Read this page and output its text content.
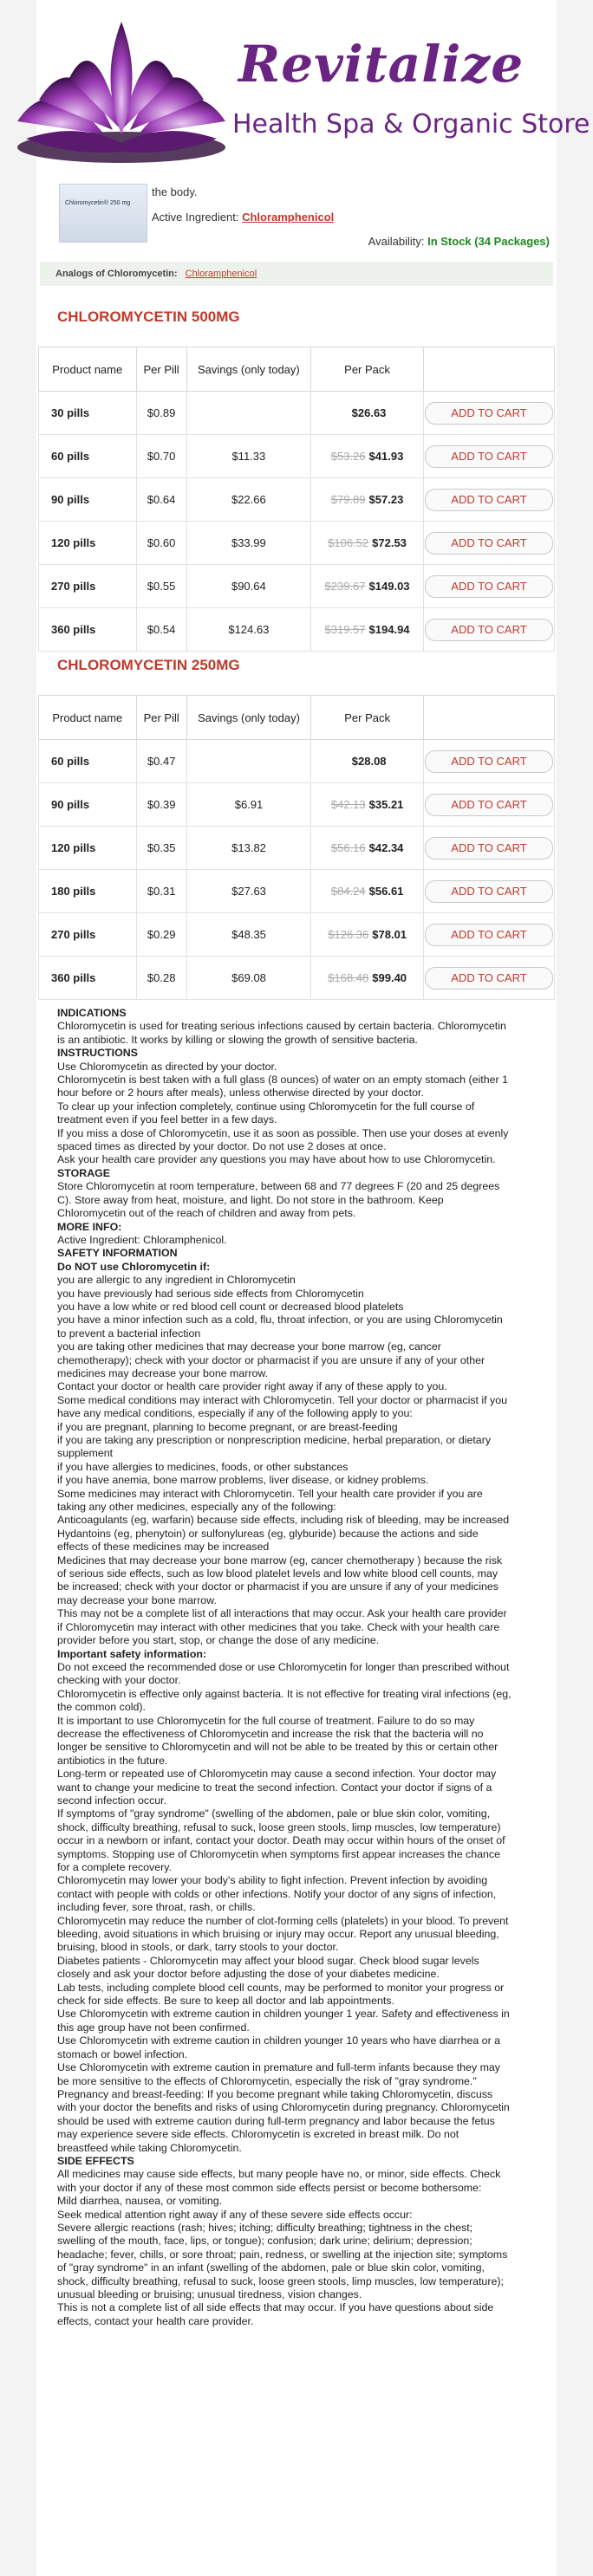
Chloromycetin® 250 mg
the body.
Active Ingredient: Chloramphenicol
Availability: In Stock (34 Packages)
Analogs of Chloromycetin: Chloramphenicol
Revitalize
Health Spa & Organic Store
CHLOROMYCETIN 500MG
Product name	Per Pill	Savings (only today)	Per Pack	
30 pills	$0.89		$26.63	ADD TO CART
60 pills	$0.70	$11.33	$53.26 $41.93	ADD TO CART
90 pills	$0.64	$22.66	$79.89 $57.23	ADD TO CART
120 pills	$0.60	$33.99	$106.52 $72.53	ADD TO CART
270 pills	$0.55	$90.64	$239.67 $149.03	ADD TO CART
360 pills	$0.54	$124.63	$319.57 $194.94	ADD TO CART
CHLOROMYCETIN 250MG
Product name	Per Pill	Savings (only today)	Per Pack	
60 pills	$0.47		$28.08	ADD TO CART
90 pills	$0.39	$6.91	$42.13 $35.21	ADD TO CART
120 pills	$0.35	$13.82	$56.16 $42.34	ADD TO CART
180 pills	$0.31	$27.63	$84.24 $56.61	ADD TO CART
270 pills	$0.29	$48.35	$126.36 $78.01	ADD TO CART
360 pills	$0.28	$69.08	$168.48 $99.40	ADD TO CART

INDICATIONS

Chloromycetin is used for treating serious infections caused by certain bacteria. Chloromycetin is an antibiotic. It works by killing or slowing the growth of sensitive bacteria.

INSTRUCTIONS

Use Chloromycetin as directed by your doctor.

Chloromycetin is best taken with a full glass (8 ounces) of water on an empty stomach (either 1 hour before or 2 hours after meals), unless otherwise directed by your doctor.

To clear up your infection completely, continue using Chloromycetin for the full course of treatment even if you feel better in a few days.

If you miss a dose of Chloromycetin, use it as soon as possible. Then use your doses at evenly spaced times as directed by your doctor. Do not use 2 doses at once.

Ask your health care provider any questions you may have about how to use Chloromycetin.

STORAGE

Store Chloromycetin at room temperature, between 68 and 77 degrees F (20 and 25 degrees C). Store away from heat, moisture, and light. Do not store in the bathroom. Keep Chloromycetin out of the reach of children and away from pets.

MORE INFO:

Active Ingredient: Chloramphenicol.

SAFETY INFORMATION

Do NOT use Chloromycetin if:

you are allergic to any ingredient in Chloromycetin

you have previously had serious side effects from Chloromycetin

you have a low white or red blood cell count or decreased blood platelets

you have a minor infection such as a cold, flu, throat infection, or you are using Chloromycetin to prevent a bacterial infection

you are taking other medicines that may decrease your bone marrow (eg, cancer chemotherapy); check with your doctor or pharmacist if you are unsure if any of your other medicines may decrease your bone marrow.

Contact your doctor or health care provider right away if any of these apply to you.

Some medical conditions may interact with Chloromycetin. Tell your doctor or pharmacist if you have any medical conditions, especially if any of the following apply to you:

if you are pregnant, planning to become pregnant, or are breast-feeding

if you are taking any prescription or nonprescription medicine, herbal preparation, or dietary supplement

if you have allergies to medicines, foods, or other substances

if you have anemia, bone marrow problems, liver disease, or kidney problems.

Some medicines may interact with Chloromycetin. Tell your health care provider if you are taking any other medicines, especially any of the following:

Anticoagulants (eg, warfarin) because side effects, including risk of bleeding, may be increased

Hydantoins (eg, phenytoin) or sulfonylureas (eg, glyburide) because the actions and side effects of these medicines may be increased

Medicines that may decrease your bone marrow (eg, cancer chemotherapy ) because the risk of serious side effects, such as low blood platelet levels and low white blood cell counts, may be increased; check with your doctor or pharmacist if you are unsure if any of your medicines may decrease your bone marrow.

This may not be a complete list of all interactions that may occur. Ask your health care provider if Chloromycetin may interact with other medicines that you take. Check with your health care provider before you start, stop, or change the dose of any medicine.

Important safety information:

Do not exceed the recommended dose or use Chloromycetin for longer than prescribed without checking with your doctor.

Chloromycetin is effective only against bacteria. It is not effective for treating viral infections (eg, the common cold).

It is important to use Chloromycetin for the full course of treatment. Failure to do so may decrease the effectiveness of Chloromycetin and increase the risk that the bacteria will no longer be sensitive to Chloromycetin and will not be able to be treated by this or certain other antibiotics in the future.

Long-term or repeated use of Chloromycetin may cause a second infection. Your doctor may want to change your medicine to treat the second infection. Contact your doctor if signs of a second infection occur.

If symptoms of "gray syndrome" (swelling of the abdomen, pale or blue skin color, vomiting, shock, difficulty breathing, refusal to suck, loose green stools, limp muscles, low temperature) occur in a newborn or infant, contact your doctor. Death may occur within hours of the onset of symptoms. Stopping use of Chloromycetin when symptoms first appear increases the chance for a complete recovery.

Chloromycetin may lower your body's ability to fight infection. Prevent infection by avoiding contact with people with colds or other infections. Notify your doctor of any signs of infection, including fever, sore throat, rash, or chills.

Chloromycetin may reduce the number of clot-forming cells (platelets) in your blood. To prevent bleeding, avoid situations in which bruising or injury may occur. Report any unusual bleeding, bruising, blood in stools, or dark, tarry stools to your doctor.

Diabetes patients - Chloromycetin may affect your blood sugar. Check blood sugar levels closely and ask your doctor before adjusting the dose of your diabetes medicine.

Lab tests, including complete blood cell counts, may be performed to monitor your progress or check for side effects. Be sure to keep all doctor and lab appointments.

Use Chloromycetin with extreme caution in children younger 1 year. Safety and effectiveness in this age group have not been confirmed.

Use Chloromycetin with extreme caution in children younger 10 years who have diarrhea or a stomach or bowel infection.

Use Chloromycetin with extreme caution in premature and full-term infants because they may be more sensitive to the effects of Chloromycetin, especially the risk of "gray syndrome."

Pregnancy and breast-feeding: If you become pregnant while taking Chloromycetin, discuss with your doctor the benefits and risks of using Chloromycetin during pregnancy. Chloromycetin should be used with extreme caution during full-term pregnancy and labor because the fetus may experience severe side effects. Chloromycetin is excreted in breast milk. Do not breastfeed while taking Chloromycetin.

SIDE EFFECTS

All medicines may cause side effects, but many people have no, or minor, side effects. Check with your doctor if any of these most common side effects persist or become bothersome:

Mild diarrhea, nausea, or vomiting.

Seek medical attention right away if any of these severe side effects occur:

Severe allergic reactions (rash; hives; itching; difficulty breathing; tightness in the chest; swelling of the mouth, face, lips, or tongue); confusion; dark urine; delirium; depression; headache; fever, chills, or sore throat; pain, redness, or swelling at the injection site; symptoms of "gray syndrome" in an infant (swelling of the abdomen, pale or blue skin color, vomiting, shock, difficulty breathing, refusal to suck, loose green stools, limp muscles, low temperature); unusual bleeding or bruising; unusual tiredness, vision changes.

This is not a complete list of all side effects that may occur. If you have questions about side effects, contact your health care provider.
